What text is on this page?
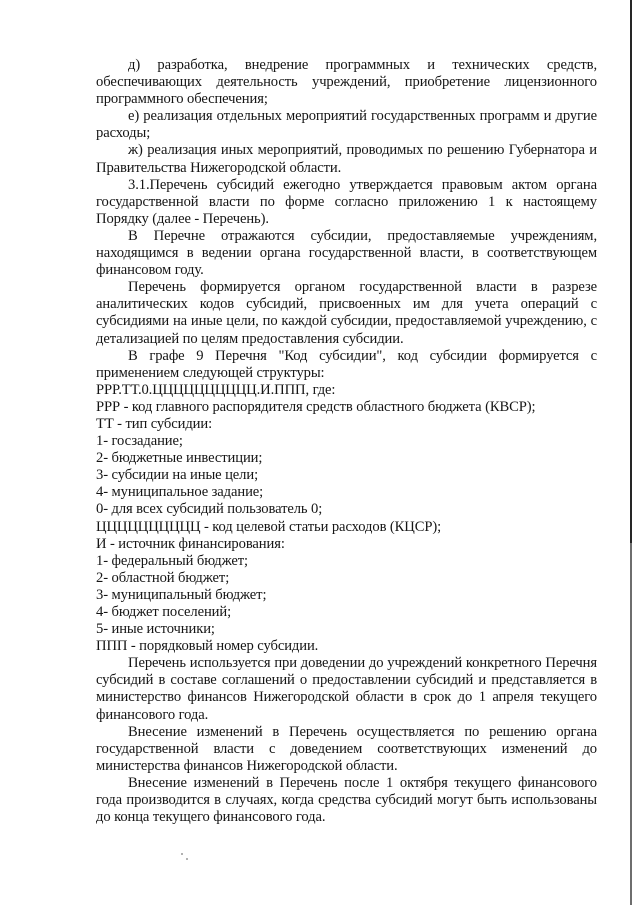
д) разработка, внедрение программных и технических средств, обеспечивающих деятельность учреждений, приобретение лицензионного программного обеспечения;

е) реализация отдельных мероприятий государственных программ и другие расходы;

ж) реализация иных мероприятий, проводимых по решению Губернатора и Правительства Нижегородской области.

3.1.Перечень субсидий ежегодно утверждается правовым актом органа государственной власти по форме согласно приложению 1 к настоящему Порядку (далее - Перечень).

В Перечне отражаются субсидии, предоставляемые учреждениям, находящимся в ведении органа государственной власти, в соответствующем финансовом году.

Перечень формируется органом государственной власти в разрезе аналитических кодов субсидий, присвоенных им для учета операций с субсидиями на иные цели, по каждой субсидии, предоставляемой учреждению, с детализацией по целям предоставления субсидии.

В графе 9 Перечня "Код субсидии", код субсидии формируется с применением следующей структуры:

РРР.ТТ.0.ЦЦЦЦЦЦЦЦЦЦ.И.ППП, где:

РРР - код главного распорядителя средств областного бюджета (КВСР);

ТТ - тип субсидии:

1- госзадание;

2- бюджетные инвестиции;

3- субсидии на иные цели;

4- муниципальное задание;

0- для всех субсидий пользователь 0;

ЦЦЦЦЦЦЦЦЦЦ - код целевой статьи расходов (КЦСР);

И - источник финансирования:

1- федеральный бюджет;

2- областной бюджет;

3- муниципальный бюджет;

4- бюджет поселений;

5- иные источники;

ППП - порядковый номер субсидии.

Перечень используется при доведении до учреждений конкретного Перечня субсидий в составе соглашений о предоставлении субсидий и представляется в министерство финансов Нижегородской области в срок до 1 апреля текущего финансового года.

Внесение изменений в Перечень осуществляется по решению органа государственной власти с доведением соответствующих изменений до министерства финансов Нижегородской области.

Внесение изменений в Перечень после 1 октября текущего финансового года производится в случаях, когда средства субсидий могут быть использованы до конца текущего финансового года.
